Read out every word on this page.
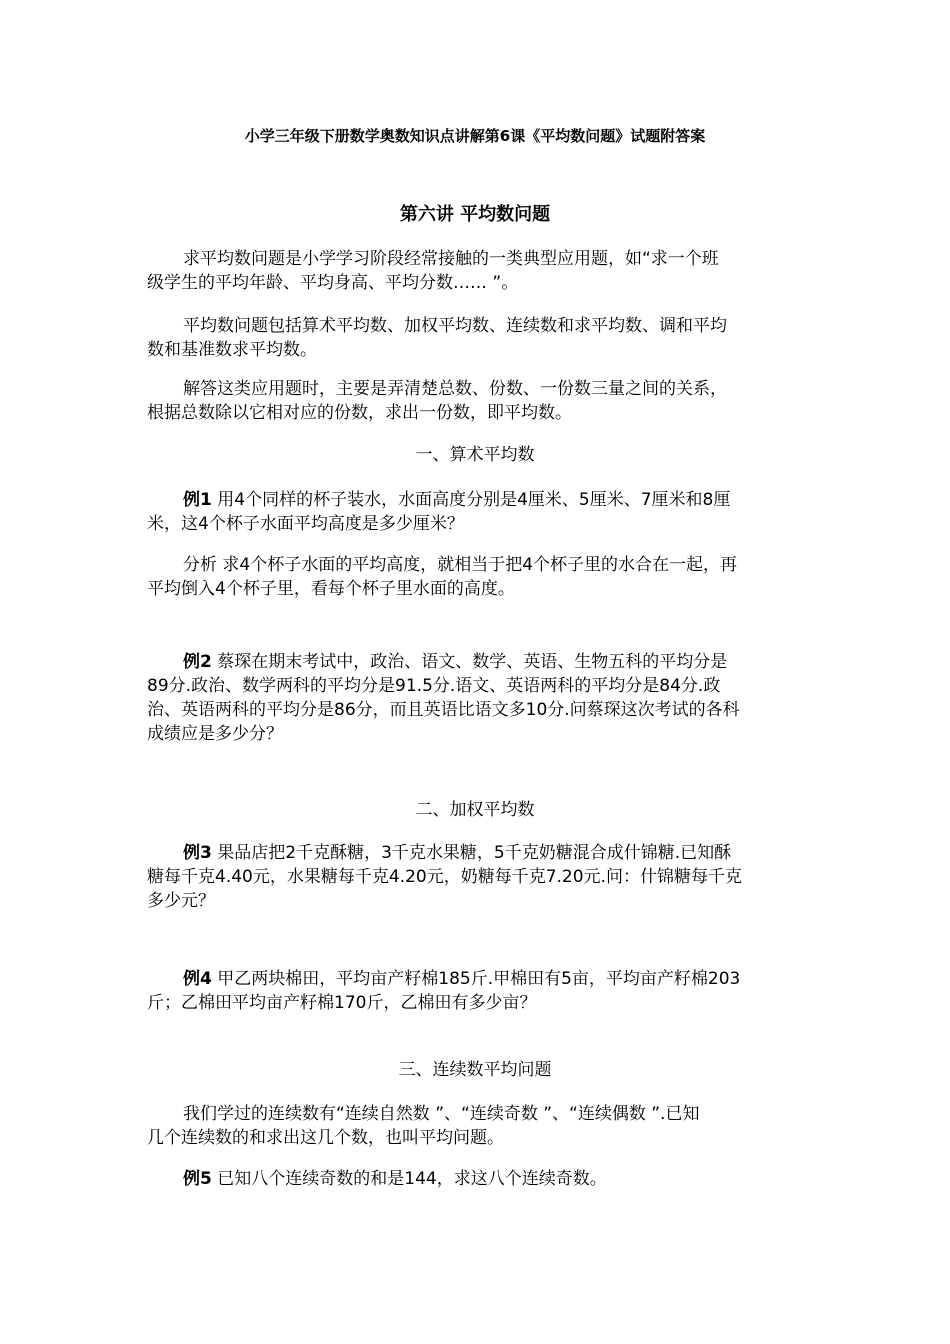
小学三年级下册数学奥数知识点讲解第6课《平均数问题》试题附答案
第六讲 平均数问题

求平均数问题是小学学习阶段经常接触的一类典型应用题，如“求一个班
级学生的平均年龄、平均身高、平均分数…… ”。

平均数问题包括算术平均数、加权平均数、连续数和求平均数、调和平均
数和基准数求平均数。

解答这类应用题时，主要是弄清楚总数、份数、一份数三量之间的关系，
根据总数除以它相对应的份数，求出一份数，即平均数。

一、算术平均数

例1 用4个同样的杯子装水，水面高度分别是4厘米、5厘米、7厘米和8厘
米，这4个杯子水面平均高度是多少厘米？

分析 求4个杯子水面的平均高度，就相当于把4个杯子里的水合在一起，再
平均倒入4个杯子里，看每个杯子里水面的高度。

例2 蔡琛在期末考试中，政治、语文、数学、英语、生物五科的平均分是
89分.政治、数学两科的平均分是91.5分.语文、英语两科的平均分是84分.政
治、英语两科的平均分是86分，而且英语比语文多10分.问蔡琛这次考试的各科
成绩应是多少分？

二、加权平均数

例3 果品店把2千克酥糖，3千克水果糖，5千克奶糖混合成什锦糖.已知酥
糖每千克4.40元，水果糖每千克4.20元，奶糖每千克7.20元.问：什锦糖每千克
多少元？

例4 甲乙两块棉田，平均亩产籽棉185斤.甲棉田有5亩，平均亩产籽棉203
斤；乙棉田平均亩产籽棉170斤，乙棉田有多少亩？

三、连续数平均问题

我们学过的连续数有“连续自然数 ”、“连续奇数 ”、“连续偶数 ”.已知
几个连续数的和求出这几个数，也叫平均问题。

例5 已知八个连续奇数的和是144，求这八个连续奇数。
